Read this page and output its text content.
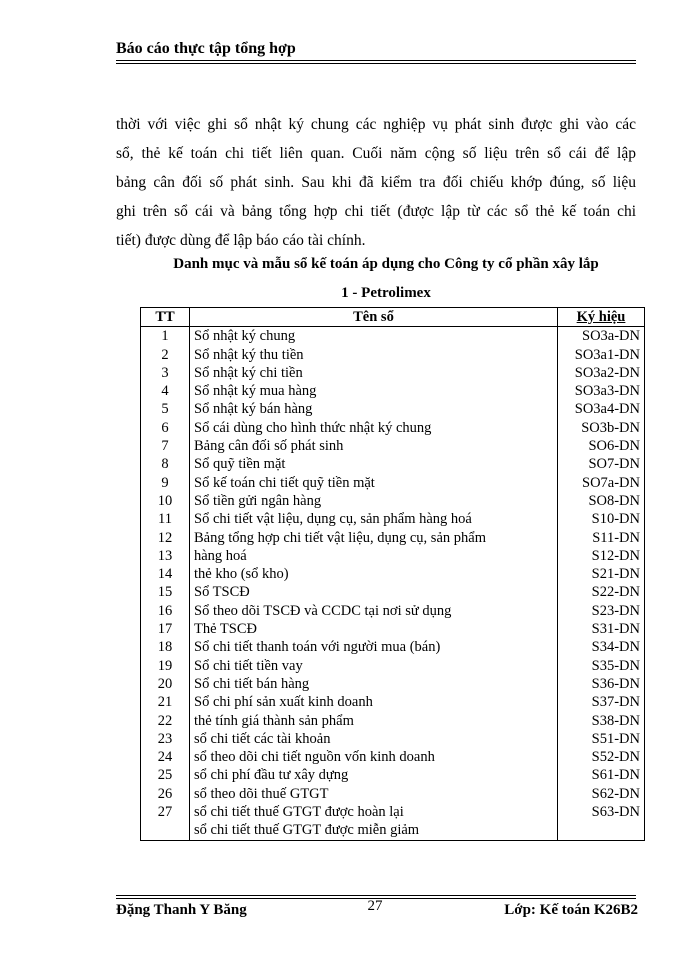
Báo cáo thực tập tổng hợp
thời với việc ghi sổ nhật ký chung các nghiệp vụ phát sinh được ghi vào các
sổ, thẻ kế toán chi tiết liên quan. Cuối năm cộng số liệu trên sổ cái để lập
bảng cân đối số phát sinh. Sau khi đã kiểm tra đối chiếu khớp đúng, số liệu
ghi trên sổ cái và bảng tổng hợp chi tiết (được lập từ các sổ thẻ kế toán chi
tiết) được dùng để lập báo cáo tài chính.
Danh mục và mẫu sổ kế toán áp dụng cho Công ty cổ phần xây lắp
1 - Petrolimex
TT	Tên sổ	Ký hiệu
1	Sổ nhật ký chung	SO3a-DN
2	Sổ nhật ký thu tiền	SO3a1-DN
3	Sổ nhật ký chi tiền	SO3a2-DN
4	Sổ nhật ký mua hàng	SO3a3-DN
5	Sổ nhật ký bán hàng	SO3a4-DN
6	Sổ cái dùng cho hình thức nhật ký chung	SO3b-DN
7	Bảng cân đối số phát sinh	SO6-DN
8	Sổ quỹ tiền mặt	SO7-DN
9	Sổ kế toán chi tiết quỹ tiền mặt	SO7a-DN
10	Sổ tiền gửi ngân hàng	SO8-DN
11	Sổ chi tiết vật liệu, dụng cụ, sản phẩm hàng hoá	S10-DN
12	Bảng tổng hợp chi tiết vật liệu, dụng cụ, sản phẩm	S11-DN
13	hàng hoá	S12-DN
14	thẻ kho (sổ kho)	S21-DN
15	Sổ TSCĐ	S22-DN
16	Sổ theo dõi TSCĐ và CCDC tại nơi sử dụng	S23-DN
17	Thẻ TSCĐ	S31-DN
18	Sổ chi tiết thanh toán với người mua (bán)	S34-DN
19	Sổ chi tiết tiền vay	S35-DN
20	Sổ chi tiết bán hàng	S36-DN
21	Sổ chi phí sản xuất kinh doanh	S37-DN
22	thẻ tính giá thành sản phẩm	S38-DN
23	sổ chi tiết các tài khoản	S51-DN
24	sổ theo dõi chi tiết nguồn vốn kinh doanh	S52-DN
25	sổ chi phí đầu tư xây dựng	S61-DN
26	sổ theo dõi thuế GTGT	S62-DN
27	sổ chi tiết thuế GTGT được hoàn lại	S63-DN
	sổ chi tiết thuế GTGT được miễn giảm	
Đặng Thanh Y Băng	27	Lớp: Kế toán K26B2
